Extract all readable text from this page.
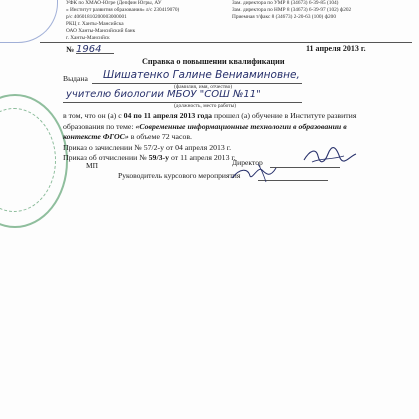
УФК по ХМАО-Югре (Депфин Югры, АУ
« Институт развития образования» л/с 230419070)
р/с 40601810200003000001
РКЦ г. Ханты-Мансийска
ОАО Ханты-Мансийский банк
г. Ханты-Мансийск
Зам. директора по УМР 8 (34673) 6-39-85 (104)
Зам. директора по НМР 8 (34673) 6-39-97 (102) ф202
Приемная т/факс 8 (34673) 2-20-63 (100) ф200
№ 1964	11 апреля 2013 г.
Справка о повышении квалификации
Выдана Шишатенко Галине Вениаминовне,
(фамилия, имя, отчество)
учителю биологии МБОУ "СОШ №11"
(должность, место работы)
в том, что он (а) с 04 по 11 апреля 2013 года прошел (а) обучение в Институте развития
образования по теме: «Современные информационные технологии в образовании в
контексте ФГОС» в объеме 72 часов.
Приказ о зачислении № 57/2-у от 04 апреля 2013 г.
Приказ об отчислении № 59/3-у от 11 апреля 2013 г.
МП	Директор
Руководитель курсового мероприятия
